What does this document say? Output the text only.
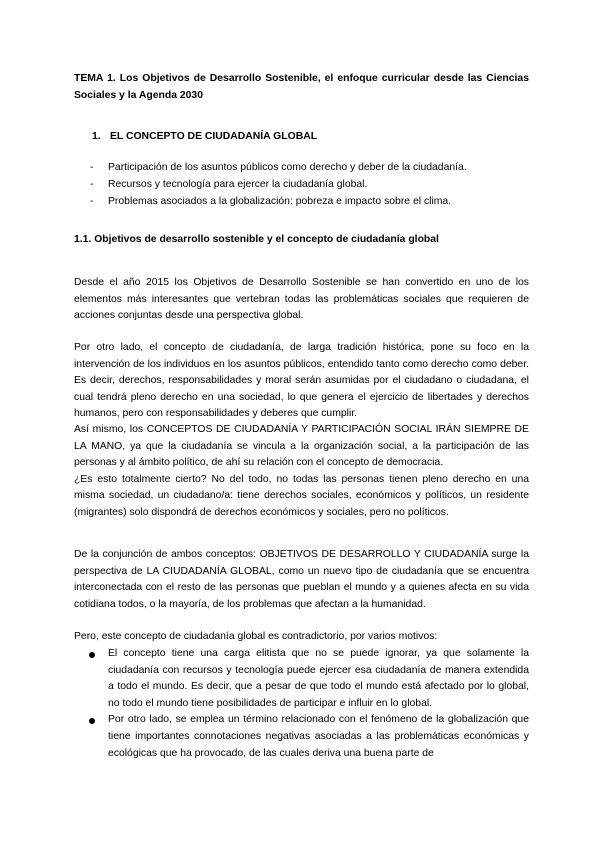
TEMA 1. Los Objetivos de Desarrollo Sostenible, el enfoque curricular desde las Ciencias Sociales y la Agenda 2030
1. EL CONCEPTO DE CIUDADANÍA GLOBAL
- Participación de los asuntos públicos como derecho y deber de la ciudadanía.
- Recursos y tecnología para ejercer la ciudadanía global.
- Problemas asociados a la globalización: pobreza e impacto sobre el clima.
1.1. Objetivos de desarrollo sostenible y el concepto de ciudadanía global

Desde el año 2015 los Objetivos de Desarrollo Sostenible se han convertido en uno de los elementos más interesantes que vertebran todas las problemáticas sociales que requieren de acciones conjuntas desde una perspectiva global.

Por otro lado, el concepto de ciudadanía, de larga tradición histórica, pone su foco en la intervención de los individuos en los asuntos públicos, entendido tanto como derecho como deber. Es decir, derechos, responsabilidades y moral serán asumidas por el ciudadano o ciudadana, el cual tendrá pleno derecho en una sociedad, lo que genera el ejercicio de libertades y derechos humanos, pero con responsabilidades y deberes que cumplir.

Así mismo, los CONCEPTOS DE CIUDADANÍA Y PARTICIPACIÓN SOCIAL IRÁN SIEMPRE DE LA MANO, ya que la ciudadanía se vincula a la organización social, a la participación de las personas y al ámbito político, de ahí su relación con el concepto de democracia.

¿Es esto totalmente cierto? No del todo, no todas las personas tienen pleno derecho en una misma sociedad, un ciudadano/a: tiene derechos sociales, económicos y políticos, un residente (migrantes) solo dispondrá de derechos económicos y sociales, pero no políticos.

De la conjunción de ambos conceptos: OBJETIVOS DE DESARROLLO Y CIUDADANÍA surge la perspectiva de LA CIUDADANÍA GLOBAL, como un nuevo tipo de ciudadanía que se encuentra interconectada con el resto de las personas que pueblan el mundo y a quienes afecta en su vida cotidiana todos, o la mayoría, de los problemas que afectan a la humanidad.

Pero, este concepto de ciudadanía global es contradictorio, por varios motivos:

El concepto tiene una carga elitista que no se puede ignorar, ya que solamente la ciudadanía con recursos y tecnología puede ejercer esa ciudadanía de manera extendida a todo el mundo. Es decir, que a pesar de que todo el mundo está afectado por lo global, no todo el mundo tiene posibilidades de participar e influir en lo global.
Por otro lado, se emplea un término relacionado con el fenómeno de la globalización que tiene importantes connotaciones negativas asociadas a las problemáticas económicas y ecológicas que ha provocado, de las cuales deriva una buena parte de
